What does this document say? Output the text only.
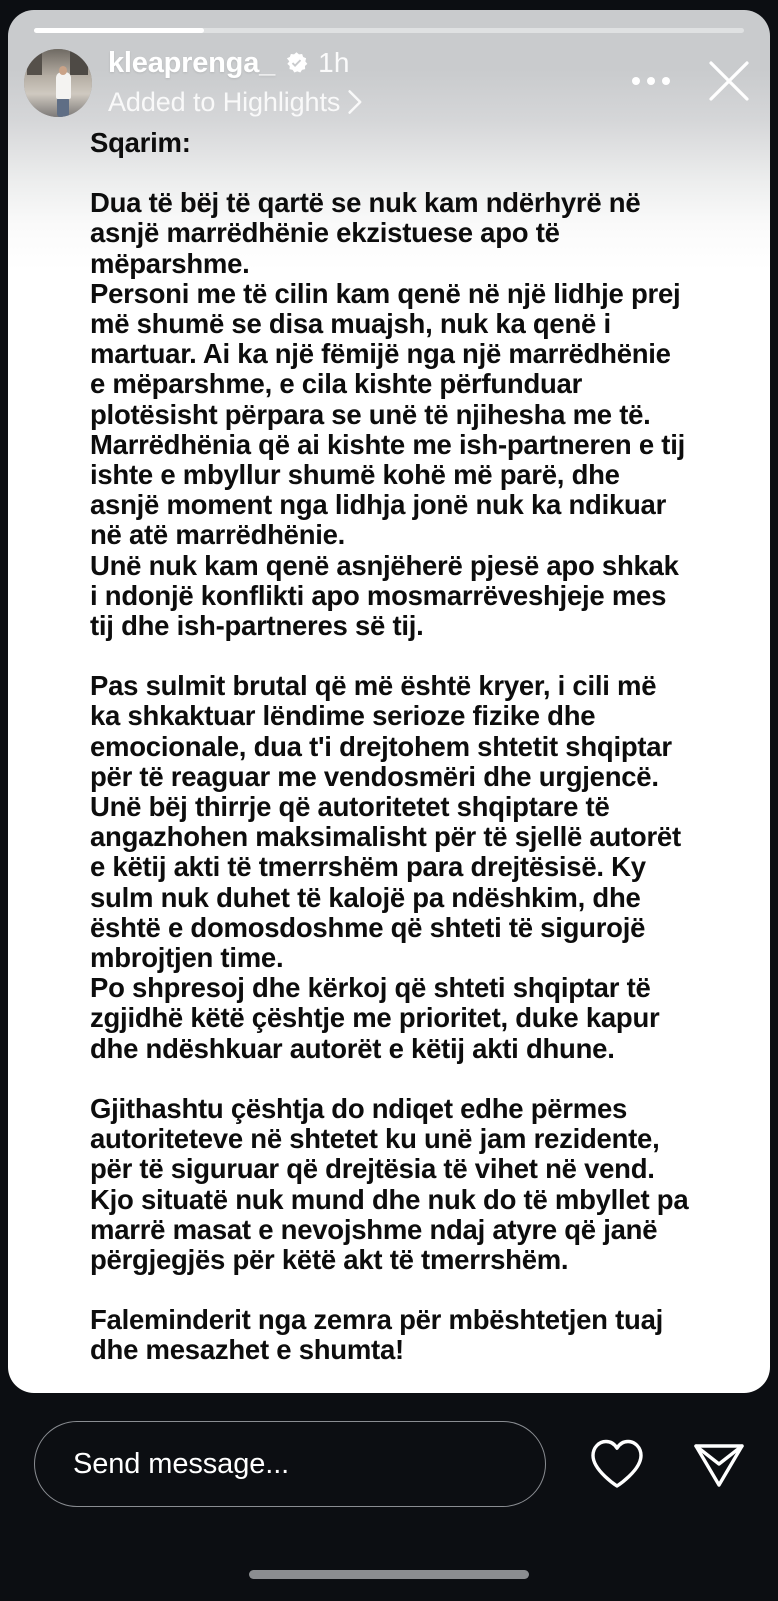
kleaprenga_ 1h
Added to Highlights

Sqarim:

Dua të bëj të qartë se nuk kam ndërhyrë në asnjë marrëdhënie ekzistuese apo të mëparshme.

Personi me të cilin kam qenë në një lidhje prej më shumë se disa muajsh, nuk ka qenë i martuar. Ai ka një fëmijë nga një marrëdhënie e mëparshme, e cila kishte përfunduar plotësisht përpara se unë të njihesha me të.

Marrëdhënia që ai kishte me ish-partneren e tij ishte e mbyllur shumë kohë më parë, dhe asnjë moment nga lidhja jonë nuk ka ndikuar në atë marrëdhënie.

Unë nuk kam qenë asnjëherë pjesë apo shkak i ndonjë konflikti apo mosmarrëveshjeje mes tij dhe ish-partneres së tij.

Pas sulmit brutal që më është kryer, i cili më ka shkaktuar lëndime serioze fizike dhe emocionale, dua t'i drejtohem shtetit shqiptar për të reaguar me vendosmëri dhe urgjencë. Unë bëj thirrje që autoritetet shqiptare të angazhohen maksimalisht për të sjellë autorët e këtij akti të tmerrshëm para drejtësisë. Ky sulm nuk duhet të kalojë pa ndëshkim, dhe është e domosdoshme që shteti të sigurojë mbrojtjen time.

Po shpresoj dhe kërkoj që shteti shqiptar të zgjidhë këtë çështje me prioritet, duke kapur dhe ndëshkuar autorët e këtij akti dhune.

Gjithashtu çështja do ndiqet edhe përmes autoriteteve në shtetet ku unë jam rezidente, për të siguruar që drejtësia të vihet në vend. Kjo situatë nuk mund dhe nuk do të mbyllet pa marrë masat e nevojshme ndaj atyre që janë përgjegjës për këtë akt të tmerrshëm.

Faleminderit nga zemra për mbështetjen tuaj dhe mesazhet e shumta!

Send message...
